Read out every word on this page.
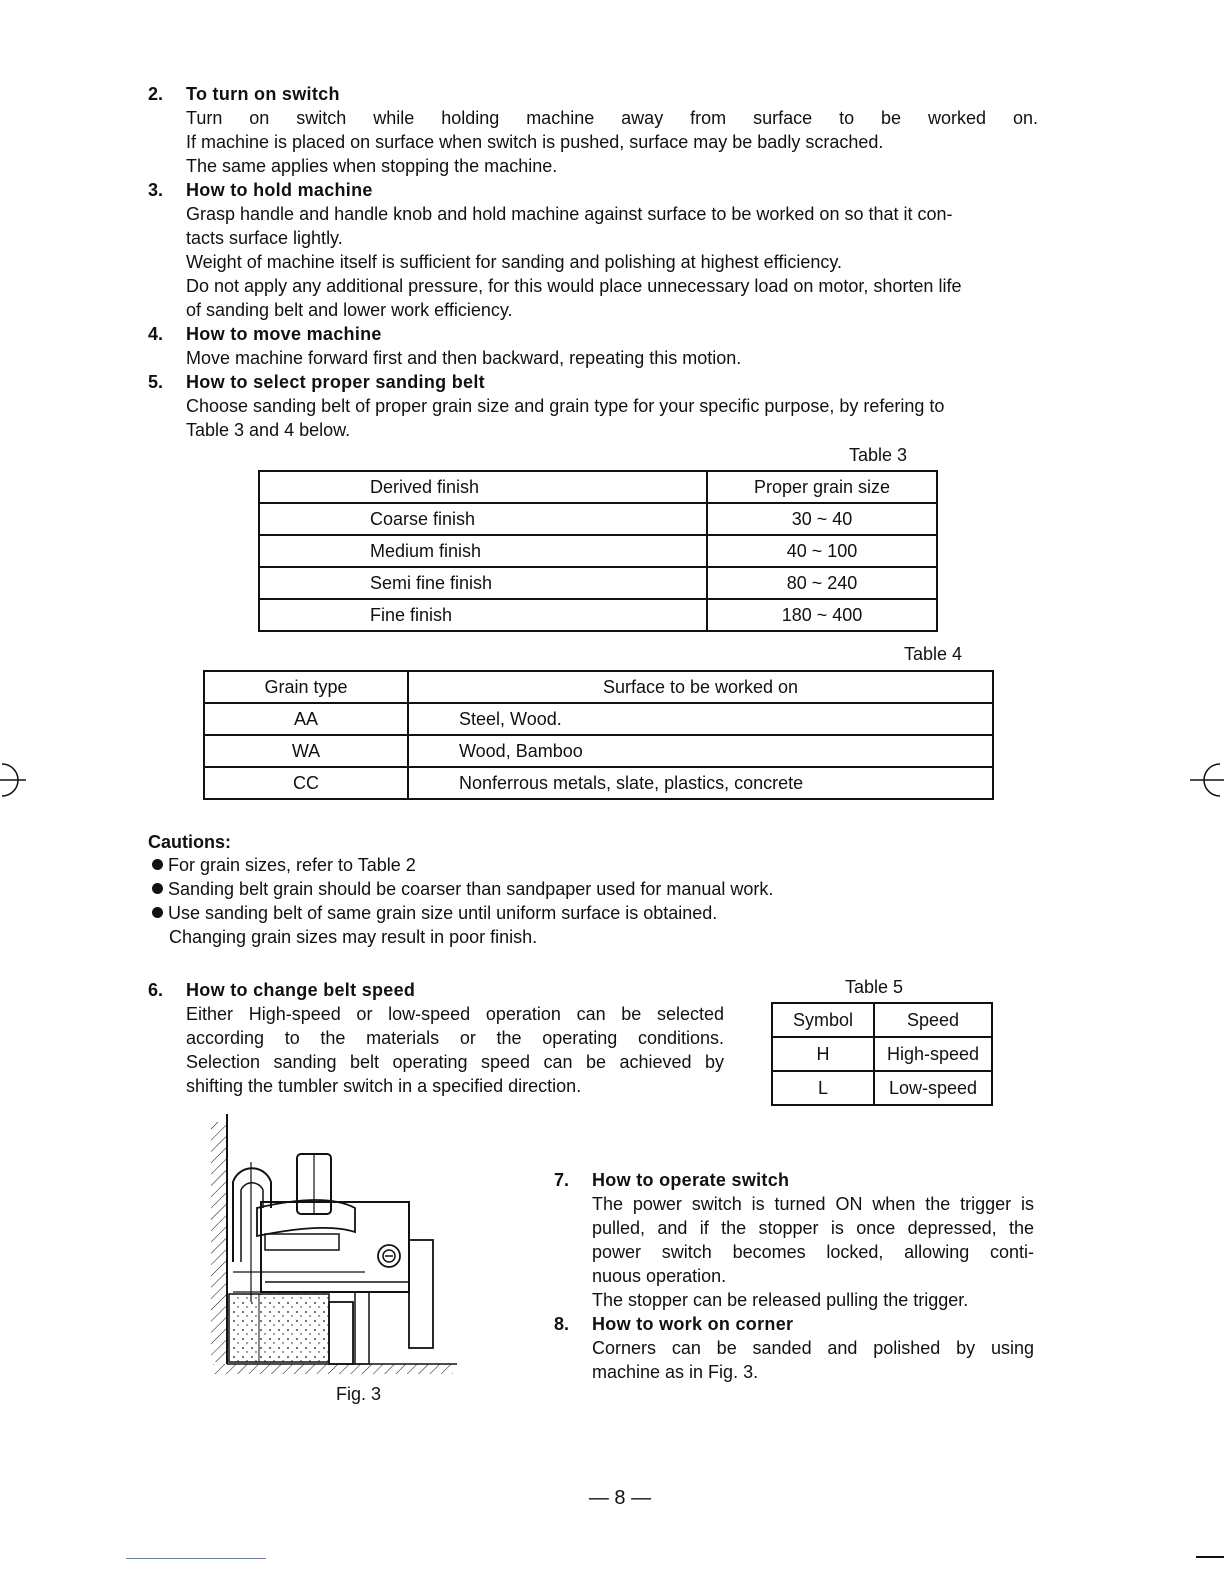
2. To turn on switch
Turn on switch while holding machine away from surface to be worked on.
If machine is placed on surface when switch is pushed, surface may be badly scrached.
The same applies when stopping the machine.
3. How to hold machine
Grasp handle and handle knob and hold machine against surface to be worked on so that it con-
tacts surface lightly.
Weight of machine itself is sufficient for sanding and polishing at highest efficiency.
Do not apply any additional pressure, for this would place unnecessary load on motor, shorten life
of sanding belt and lower work efficiency.
4. How to move machine
Move machine forward first and then backward, repeating this motion.
5. How to select proper sanding belt
Choose sanding belt of proper grain size and grain type for your specific purpose, by refering to
Table 3 and 4 below.
Table 3
Derived finish	Proper grain size
Coarse finish	30 ~ 40
Medium finish	40 ~ 100
Semi fine finish	80 ~ 240
Fine finish	180 ~ 400
Table 4
Grain type	Surface to be worked on
AA	Steel, Wood.
WA	Wood, Bamboo
CC	Nonferrous metals, slate, plastics, concrete
Cautions:
For grain sizes, refer to Table 2
Sanding belt grain should be coarser than sandpaper used for manual work.
Use sanding belt of same grain size until uniform surface is obtained.
Changing grain sizes may result in poor finish.
6. How to change belt speed
Either High-speed or low-speed operation can be selected
according to the materials or the operating conditions.
Selection sanding belt operating speed can be achieved by
shifting the tumbler switch in a specified direction.
Table 5
Symbol	Speed
H	High-speed
L	Low-speed
Fig. 3
7. How to operate switch
The power switch is turned ON when the trigger is
pulled, and if the stopper is once depressed, the
power switch becomes locked, allowing conti-
nuous operation.
The stopper can be released pulling the trigger.
8. How to work on corner
Corners can be sanded and polished by using
machine as in Fig. 3.
— 8 —
